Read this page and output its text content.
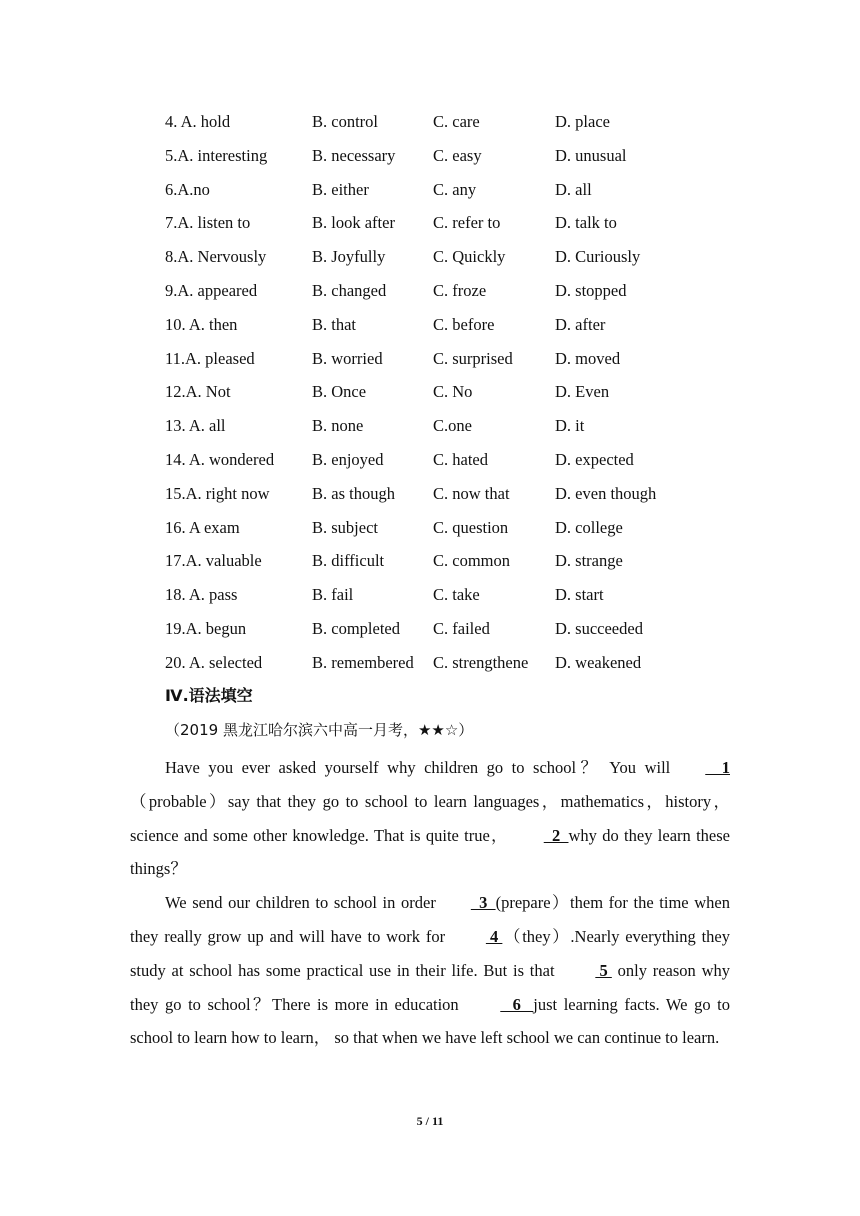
4. A. hold	B. control	C. care	D. place
5.A. interesting	B. necessary C. easy	D. unusual
6.A.no	B. either	C. any	D. all
7.A. listen to	B. look after C. refer to	D. talk to
8.A. Nervously	B. Joyfully	C. Quickly	D. Curiously
9.A. appeared	B. changed	C. froze	D. stopped
10. A. then	B. that	C. before	D. after
11.A. pleased	B. worried	C. surprised	D. moved
12.A. Not	B. Once	C. No	D. Even
13. A. all	B. none	C.one	D. it
14. A. wondered B. enjoyed	C. hated	D. expected
15.A. right now	B. as though C. now that	D. even though
16. A exam	B. subject	C. question	D. college
17.A. valuable	B. difficult	C. common	D. strange
18. A. pass	B. fail	C. take	D. start
19.A. begun	B. completed C. failed	D. succeeded
20. A. selected	B. remembered C. strengthene D. weakened
Ⅳ.语法填空
（2019 黑龙江哈尔滨六中高一月考，★★☆）

Have you ever asked yourself why children go to school？ You will    1（probable）say that they go to school to learn languages，mathematics，history，science and some other knowledge. That is quite true，  2  why do they learn these things？

We send our children to school in order  3  (prepare）them for the time when they really grow up and will have to work for  4 （they）.Nearly everything they study at school has some practical use in their life. But is that  5  only reason why they go to school？There is more in education    6   just learning facts. We go to school to learn how to learn， so that when we have left school we can continue to learn.

5 / 11
